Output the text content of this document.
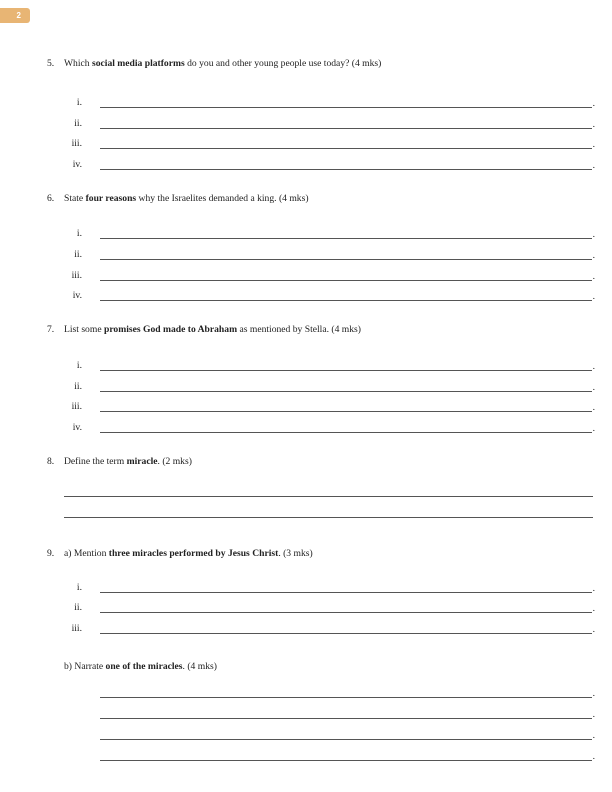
2
5. Which social media platforms do you and other young people use today? (4 mks)
i.	.
ii.	.
iii.	.
iv.	.
6. State four reasons why the Israelites demanded a king. (4 mks)
i.	.
ii.	.
iii.	.
iv.	.
7. List some promises God made to Abraham as mentioned by Stella. (4 mks)
i.	.
ii.	.
iii.	.
iv.	.
8. Define the term miracle. (2 mks)
9. a) Mention three miracles performed by Jesus Christ. (3 mks)
i.	.
ii.	.
iii.	.
b) Narrate one of the miracles. (4 mks)
.
.
.
.
